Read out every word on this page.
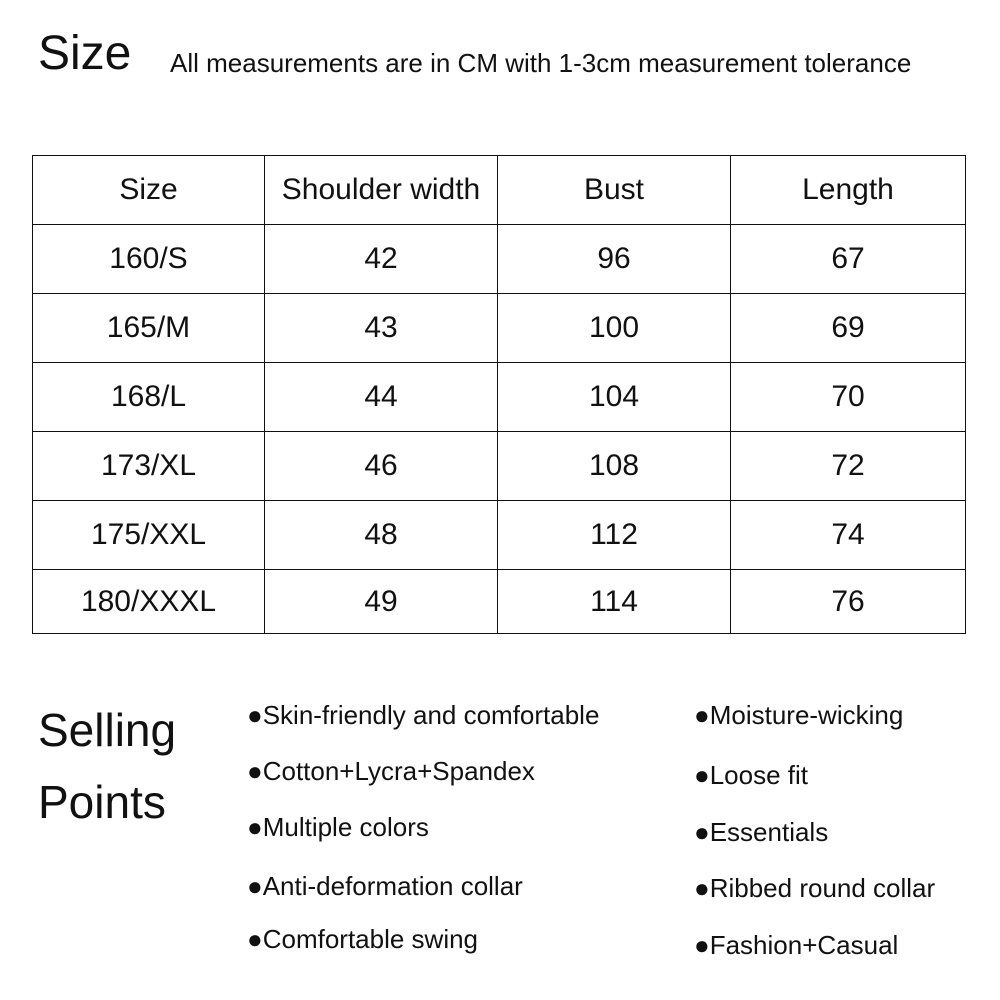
Size All measurements are in CM with 1-3cm measurement tolerance
Size	Shoulder width	Bust	Length
160/S	42	96	67
165/M	43	100	69
168/L	44	104	70
173/XL	46	108	72
175/XXL	48	112	74
180/XXXL	49	114	76
Selling Points
●Skin-friendly and comfortable
●Cotton+Lycra+Spandex
●Multiple colors
●Anti-deformation collar
●Comfortable swing
●Moisture-wicking
●Loose fit
●Essentials
●Ribbed round collar
●Fashion+Casual
